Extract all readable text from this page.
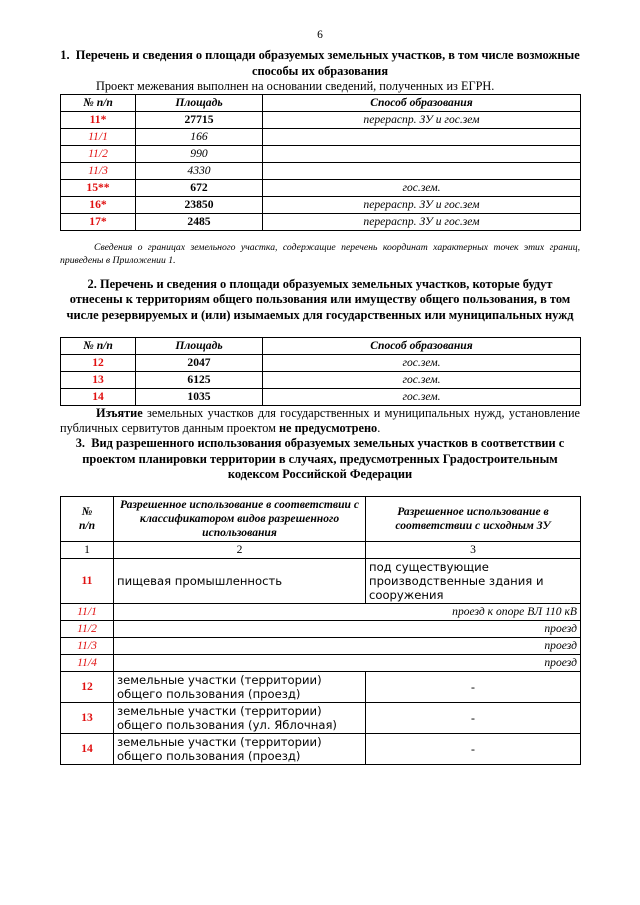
6
1. Перечень и сведения о площади образуемых земельных участков, в том числе возможные способы их образования

Проект межевания выполнен на основании сведений, полученных из ЕГРН.

№ п/п	Площадь	Способ образования
11*	27715	перераспр. ЗУ и гос.зем
11/1	166	
11/2	990	
11/3	4330	
15**	672	гос.зем.
16*	23850	перераспр. ЗУ и гос.зем
17*	2485	перераспр. ЗУ и гос.зем

Сведения о границах земельного участка, содержащие перечень координат характерных точек этих границ, приведены в Приложении 1.

2. Перечень и сведения о площади образуемых земельных участков, которые будут отнесены к территориям общего пользования или имуществу общего пользования, в том числе резервируемых и (или) изымаемых для государственных или муниципальных нужд
№ п/п	Площадь	Способ образования
12	2047	гос.зем.
13	6125	гос.зем.
14	1035	гос.зем.

Изъятие земельных участков для государственных и муниципальных нужд, установление публичных сервитутов данным проектом не предусмотрено.

3. Вид разрешенного использования образуемых земельных участков в соответствии с проектом планировки территории в случаях, предусмотренных Градостроительным кодексом Российской Федерации
№
п/п	Разрешенное использование в соответствии с классификатором видов разрешенного использования	Разрешенное использование в соответствии с исходным ЗУ
1	2	3
11	пищевая промышленность	под существующие производственные здания и сооружения
11/1	проезд к опоре ВЛ 110 кВ	
11/2	проезд	
11/3	проезд	
11/4	проезд	
12	земельные участки (территории) общего пользования (проезд)	-
13	земельные участки (территории) общего пользования (ул. Яблочная)	-
14	земельные участки (территории) общего пользования (проезд)	-
